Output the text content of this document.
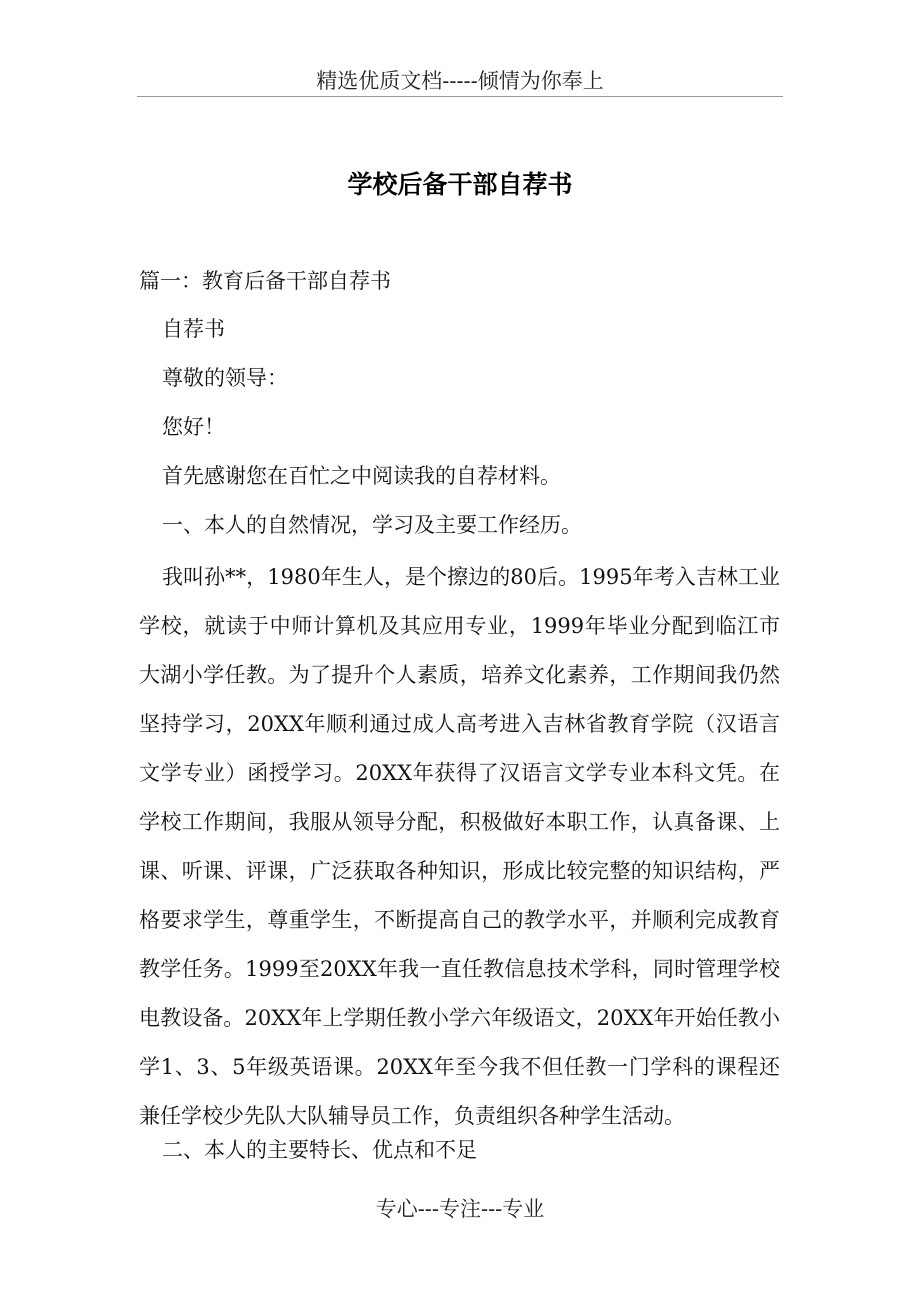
精选优质文档-----倾情为你奉上
学校后备干部自荐书
篇一：教育后备干部自荐书
自荐书
尊敬的领导：
您好！
首先感谢您在百忙之中阅读我的自荐材料。
一、本人的自然情况，学习及主要工作经历。
我叫孙**，1980年生人，是个擦边的80后。1995年考入吉林工业学校，就读于中师计算机及其应用专业，1999年毕业分配到临江市大湖小学任教。为了提升个人素质，培养文化素养，工作期间我仍然坚持学习，20XX年顺利通过成人高考进入吉林省教育学院（汉语言文学专业）函授学习。20XX年获得了汉语言文学专业本科文凭。在学校工作期间，我服从领导分配，积极做好本职工作，认真备课、上课、听课、评课，广泛获取各种知识，形成比较完整的知识结构，严格要求学生，尊重学生，不断提高自己的教学水平，并顺利完成教育教学任务。1999至20XX年我一直任教信息技术学科，同时管理学校电教设备。20XX年上学期任教小学六年级语文，20XX年开始任教小学1、3、5年级英语课。20XX年至今我不但任教一门学科的课程还兼任学校少先队大队辅导员工作，负责组织各种学生活动。
二、本人的主要特长、优点和不足
专心---专注---专业
